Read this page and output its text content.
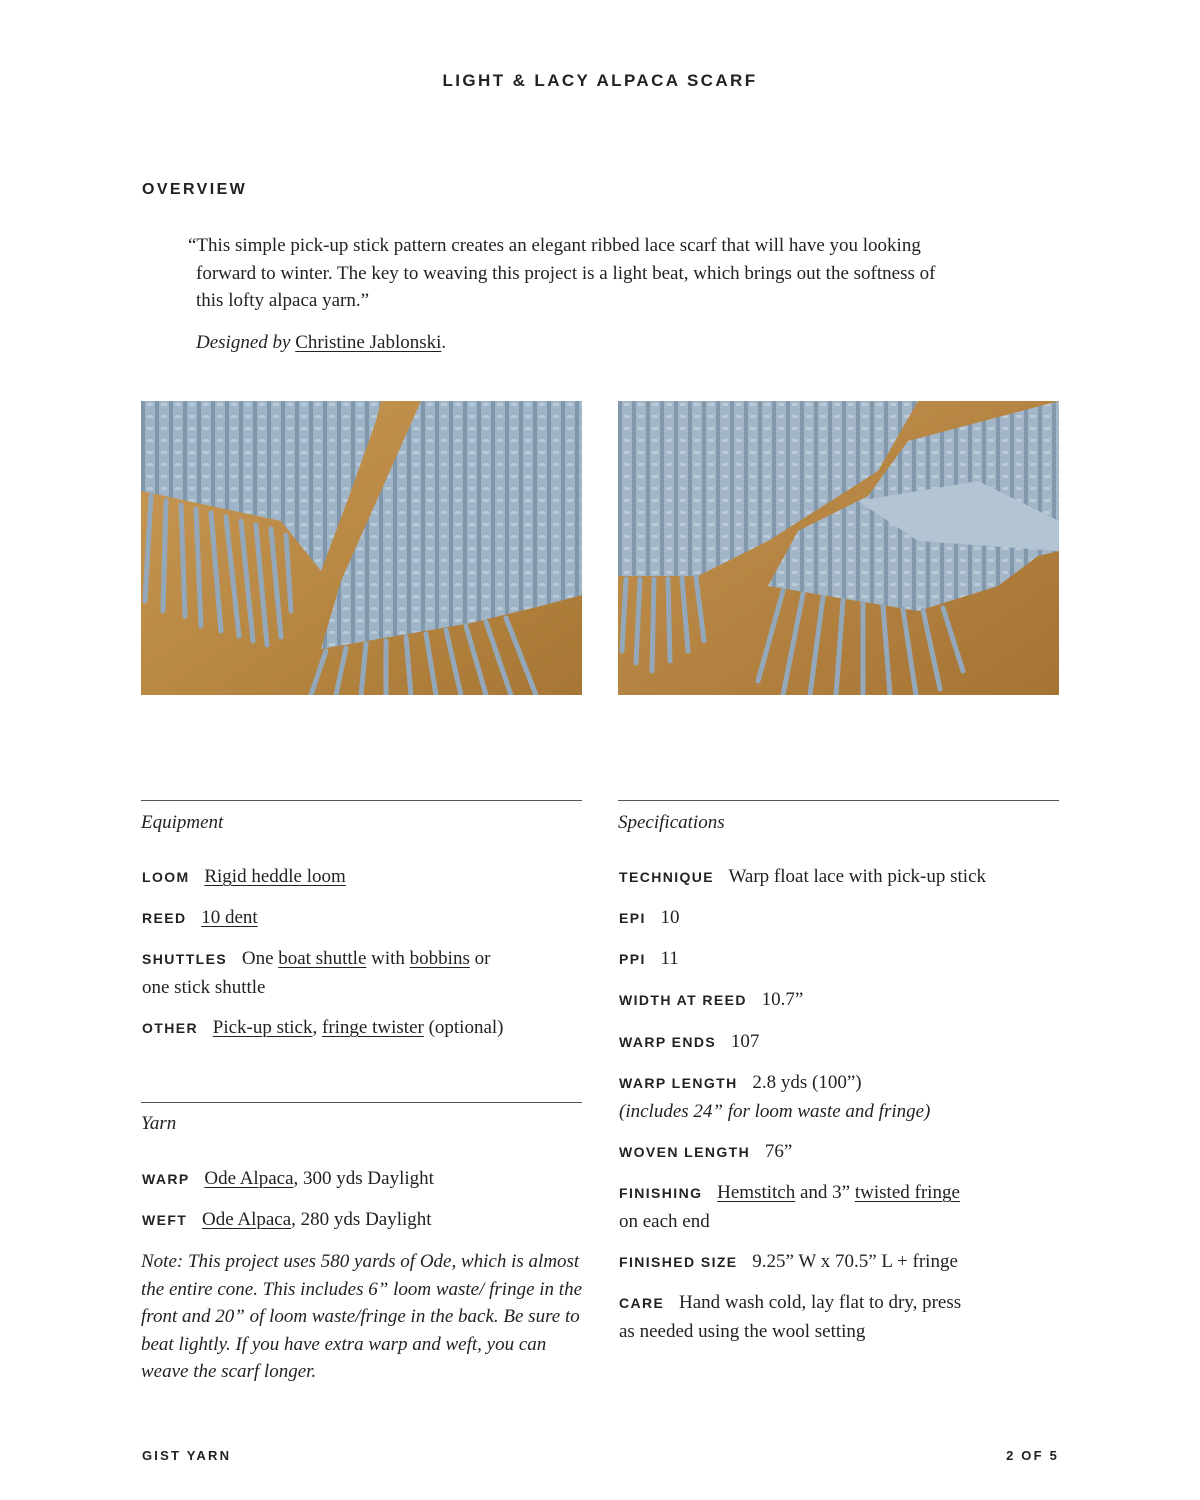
LIGHT & LACY ALPACA SCARF
OVERVIEW

“This simple pick-up stick pattern creates an elegant ribbed lace scarf that will have you looking
forward to winter. The key to weaving this project is a light beat, which brings out the softness of
this lofty alpaca yarn.”

Designed by Christine Jablonski.
Equipment
LOOM Rigid heddle loom
REED 10 dent
SHUTTLES One boat shuttle with bobbins or
one stick shuttle
OTHER Pick-up stick, fringe twister (optional)
Yarn
WARP Ode Alpaca, 300 yds Daylight
WEFT Ode Alpaca, 280 yds Daylight

Note: This project uses 580 yards of Ode, which is almost the entire cone. This includes 6” loom waste/ fringe in the front and 20” of loom waste/fringe in the back. Be sure to beat lightly. If you have extra warp and weft, you can weave the scarf longer.

Specifications
TECHNIQUE Warp float lace with pick-up stick
EPI 10
PPI 11
WIDTH AT REED 10.7”
WARP ENDS 107
WARP LENGTH 2.8 yds (100”)
(includes 24” for loom waste and fringe)
WOVEN LENGTH 76”
FINISHING Hemstitch and 3” twisted fringe
on each end
FINISHED SIZE 9.25” W x 70.5” L + fringe
CARE Hand wash cold, lay flat to dry, press
as needed using the wool setting
GIST YARN	2 OF 5
